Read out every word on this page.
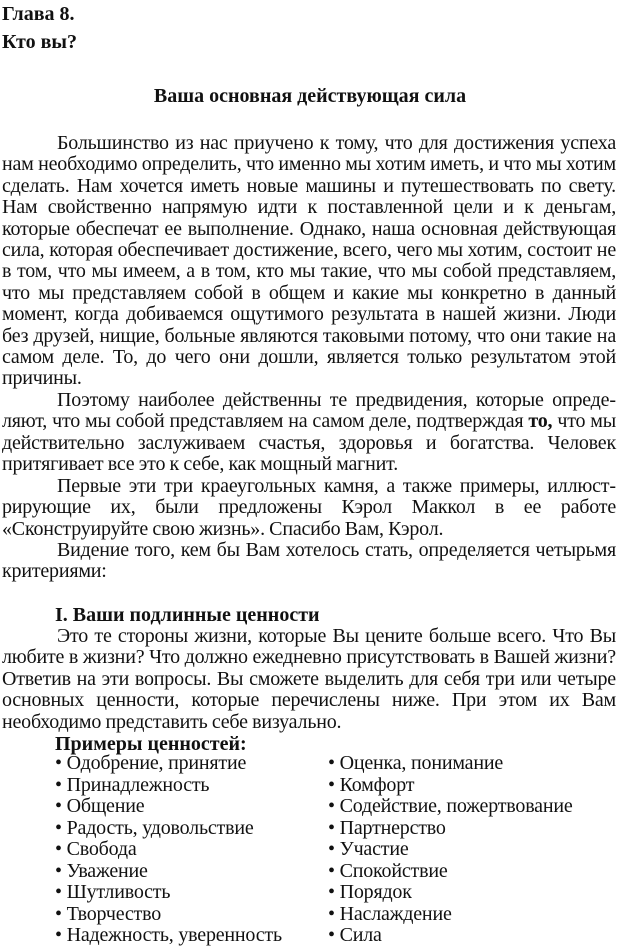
Глава 8.
Кто вы?
Ваша основная действующая сила

Большинство из нас приучено к тому, что для достижения успеха нам необходимо определить, что именно мы хотим иметь, и что мы хотим сделать. Нам хочется иметь новые машины и путешествовать по свету. Нам свойственно напрямую идти к поставленной цели и к деньгам, которые обеспечат ее выполнение. Однако, наша основная действующая сила, которая обеспечивает достижение, всего, чего мы хотим, состоит не в том, что мы имеем, а в том, кто мы такие, что мы собой представляем, что мы представляем собой в общем и какие мы конкретно в данный момент, когда добиваемся ощутимого результата в нашей жизни. Люди без друзей, нищие, больные являются таковыми потому, что они такие на самом деле. То, до чего они дошли, является только результатом этой причины.

Поэтому наиболее действенны те предвидения, которые определяют, что мы собой представляем на самом деле, подтверждая то, что мы действительно заслуживаем счастья, здоровья и богатства. Человек притягивает все это к себе, как мощный магнит.

Первые эти три краеугольных камня, а также примеры, иллюстрирующие их, были предложены Кэрол Маккол в ее работе «Сконструируйте свою жизнь». Спасибо Вам, Кэрол.

Видение того, кем бы Вам хотелось стать, определяется четырьмя критериями:

I. Ваши подлинные ценности

Это те стороны жизни, которые Вы цените больше всего. Что Вы любите в жизни? Что должно ежедневно присутствовать в Вашей жизни? Ответив на эти вопросы. Вы сможете выделить для себя три или четыре основных ценности, которые перечислены ниже. При этом их Вам необходимо представить себе визуально.

Примеры ценностей:
• Одобрение, принятие
• Принадлежность
• Общение
• Радость, удовольствие
• Свобода
• Уважение
• Шутливость
• Творчество
• Надежность, уверенность
• Оценка, понимание
• Комфорт
• Содействие, пожертвование
• Партнерство
• Участие
• Спокойствие
• Порядок
• Наслаждение
• Сила
